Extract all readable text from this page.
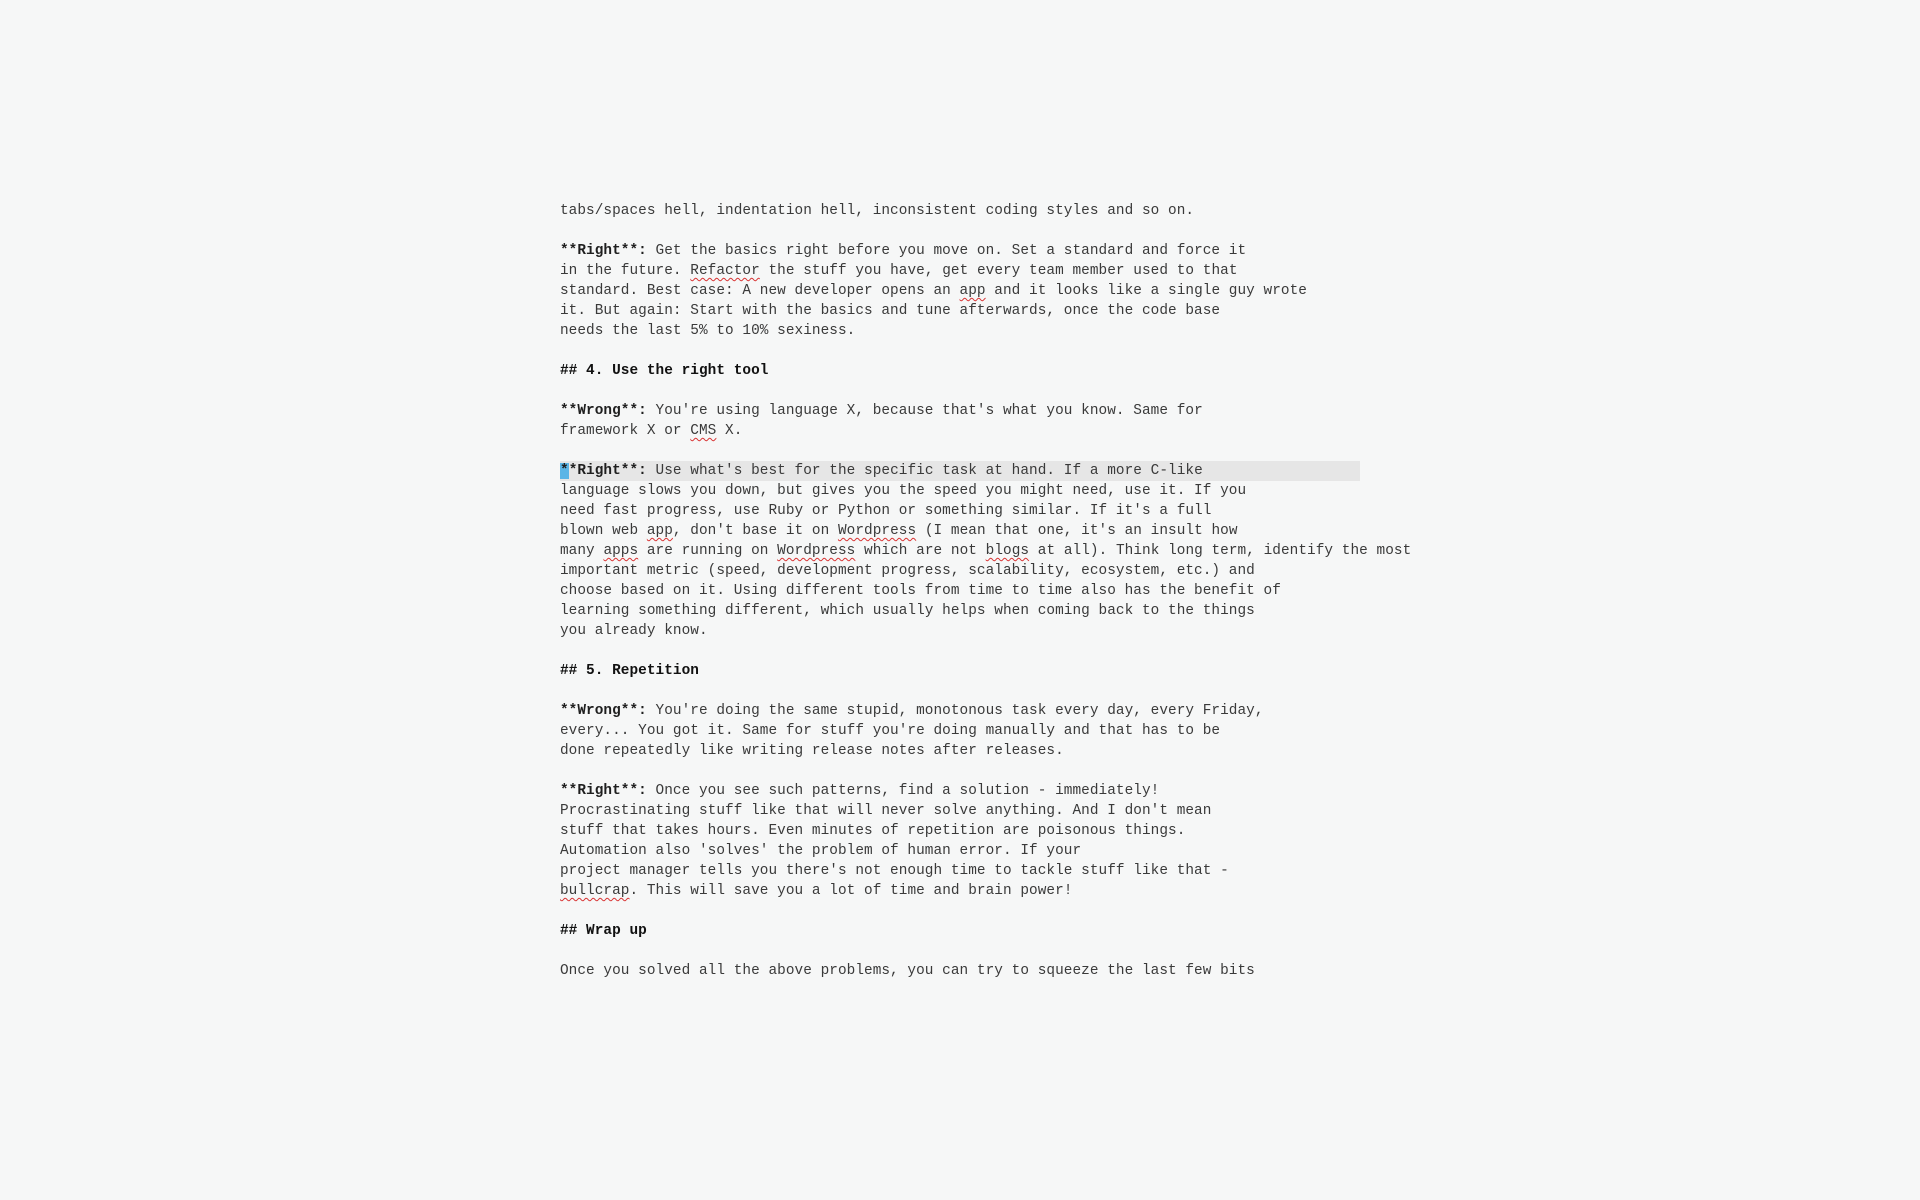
tabs/spaces hell, indentation hell, inconsistent coding styles and so on.
**Right**: Get the basics right before you move on. Set a standard and force it
in the future. Refactor the stuff you have, get every team member used to that
standard. Best case: A new developer opens an app and it looks like a single guy wrote
it. But again: Start with the basics and tune afterwards, once the code base
needs the last 5% to 10% sexiness.
## 4. Use the right tool
**Wrong**: You're using language X, because that's what you know. Same for
framework X or CMS X.
**Right**: Use what's best for the specific task at hand. If a more C-like
language slows you down, but gives you the speed you might need, use it. If you
need fast progress, use Ruby or Python or something similar. If it's a full
blown web app, don't base it on Wordpress (I mean that one, it's an insult how
many apps are running on Wordpress which are not blogs at all). Think long term, identify the most
important metric (speed, development progress, scalability, ecosystem, etc.) and
choose based on it. Using different tools from time to time also has the benefit of
learning something different, which usually helps when coming back to the things
you already know.
## 5. Repetition
**Wrong**: You're doing the same stupid, monotonous task every day, every Friday,
every... You got it. Same for stuff you're doing manually and that has to be
done repeatedly like writing release notes after releases.
**Right**: Once you see such patterns, find a solution - immediately!
Procrastinating stuff like that will never solve anything. And I don't mean
stuff that takes hours. Even minutes of repetition are poisonous things.
Automation also 'solves' the problem of human error. If your
project manager tells you there's not enough time to tackle stuff like that -
bullcrap. This will save you a lot of time and brain power!
## Wrap up
Once you solved all the above problems, you can try to squeeze the last few bits
